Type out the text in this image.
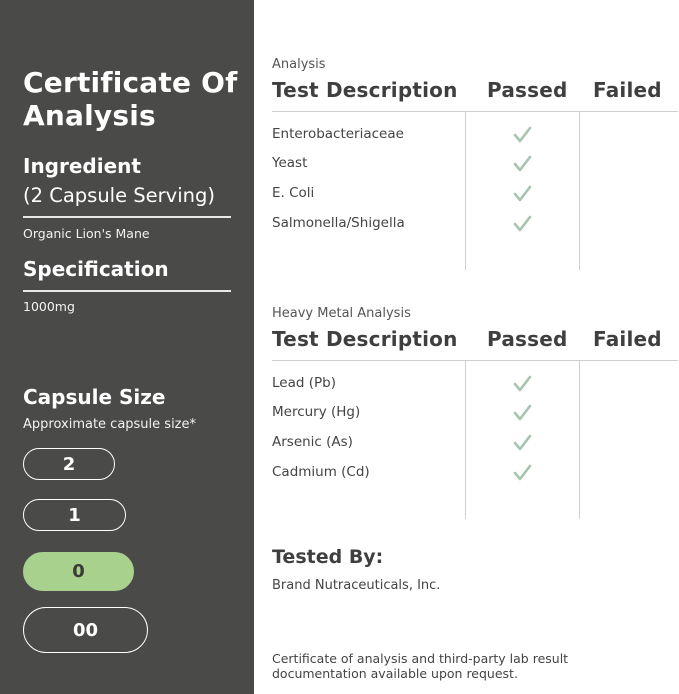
Certificate Of Analysis
Ingredient
(2 Capsule Serving)
Organic Lion's Mane
Specification
1000mg
Capsule Size
Approximate capsule size*
2
1
0
00
Analysis
Test Description Passed Failed
Enterobacteriaceae
Yeast
E. Coli
Salmonella/Shigella
Heavy Metal Analysis
Test Description Passed Failed
Lead (Pb)
Mercury (Hg)
Arsenic (As)
Cadmium (Cd)
Tested By:
Brand Nutraceuticals, Inc.
Certificate of analysis and third-party lab result documentation available upon request.
